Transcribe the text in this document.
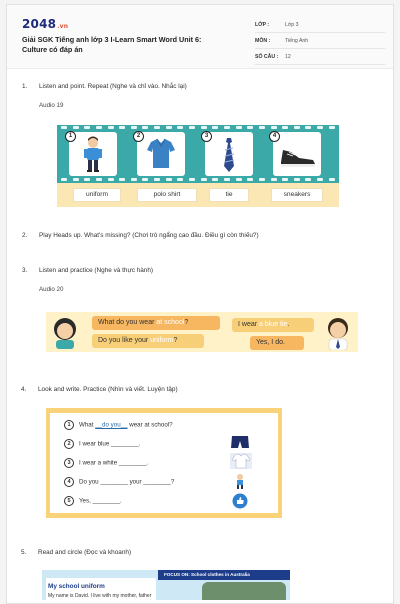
2048.vn
Giải SGK Tiếng anh lớp 3 I-Learn Smart Word Unit 6: Culture có đáp án
LỚP :	Lớp 3
MÔN :	Tiếng Anh
SỐ CÂU :	12
1. Listen and point. Repeat (Nghe và chỉ vào. Nhắc lại)
Audio 19
1	2	3	4
uniform	polo shirt	tie	sneakers
2. Play Heads up. What's missing? (Chơi trò ngẩng cao đầu. Điều gì còn thiếu?)
3. Listen and practice (Nghe và thực hành)
Audio 20
What do you wear at school?
Do you like your uniform?
I wear a blue tie.
Yes, I do.
4. Look and write. Practice (Nhìn và viết. Luyện tập)
1 What __do you__ wear at school?
2 I wear blue ________.
3 I wear a white ________.
4 Do you ________ your ________?
5 Yes, ________.
5. Read and circle (Đọc và khoanh)
FOCUS ON: School clothes in Australia
My school uniform
My name is David. I live with my mother, father
